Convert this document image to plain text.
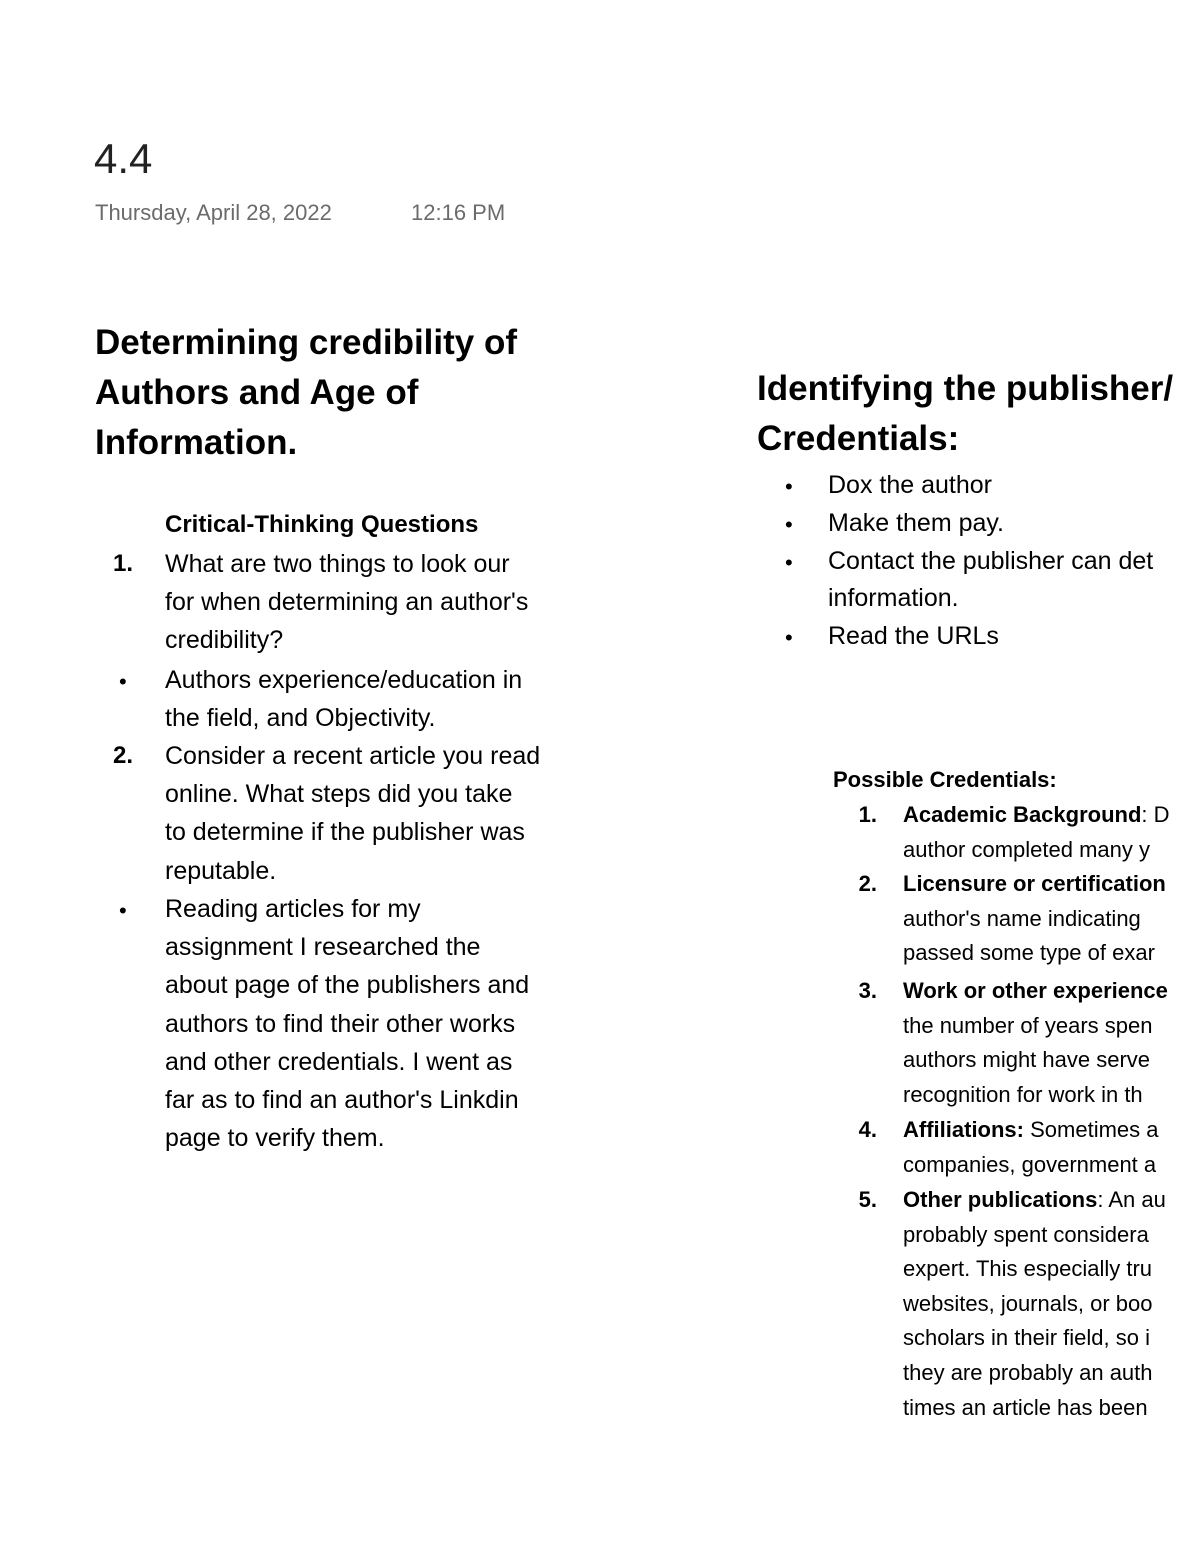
4.4
Thursday, April 28, 2022	12:16 PM
Determining credibility of
Authors and Age of
Information.
Critical-Thinking Questions
1. What are two things to look our
for when determining an author's
credibility?
• Authors experience/education in
the field, and Objectivity.
2. Consider a recent article you read
online. What steps did you take
to determine if the publisher was
reputable.
• Reading articles for my
assignment I researched the
about page of the publishers and
authors to find their other works
and other credentials. I went as
far as to find an author's Linkdin
page to verify them.
Identifying the publisher/
Credentials:
• Dox the author
• Make them pay.
• Contact the publisher can det
information.
• Read the URLs
Possible Credentials:
1. Academic Background: D
author completed many y
2. Licensure or certification
author's name indicating
passed some type of exar
3. Work or other experience
the number of years spen
authors might have serve
recognition for work in th
4. Affiliations: Sometimes a
companies, government a
5. Other publications: An au
probably spent considera
expert. This especially tru
websites, journals, or boo
scholars in their field, so i
they are probably an auth
times an article has been
